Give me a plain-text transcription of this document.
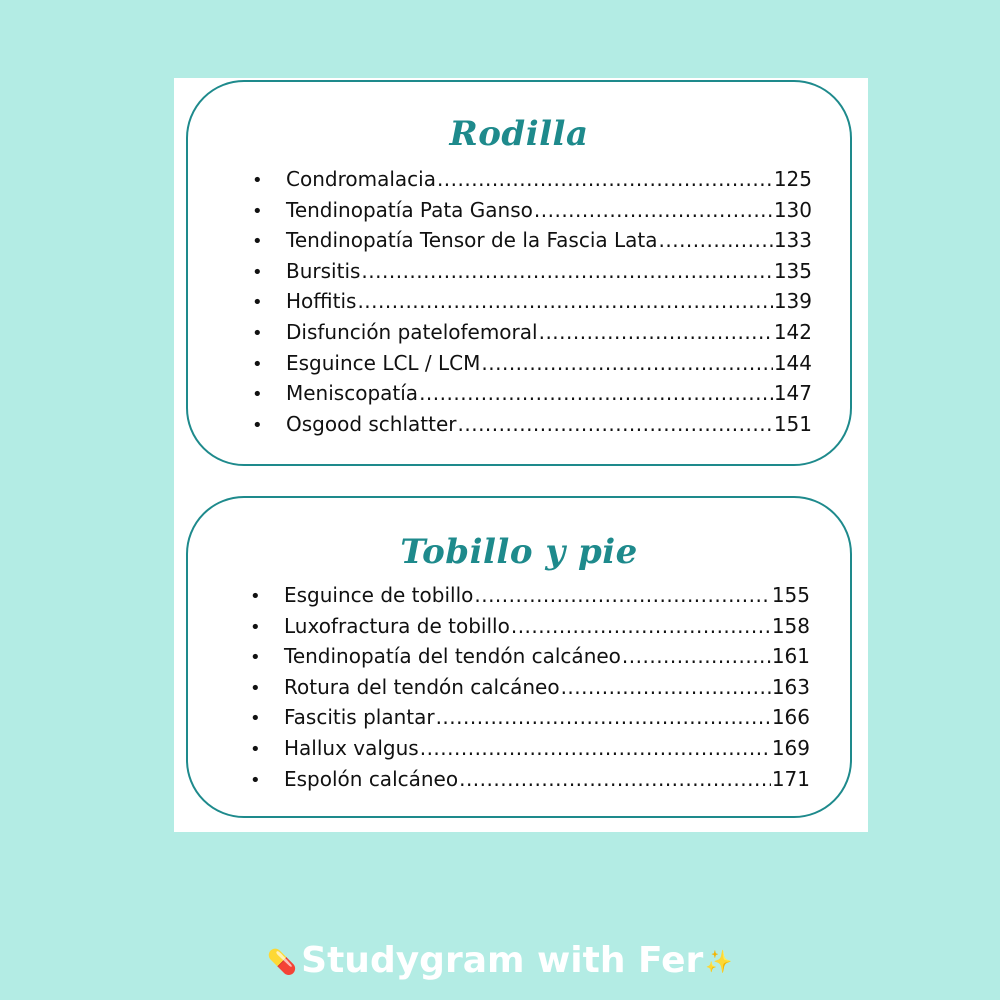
Rodilla
•	Condromalacia .....	125
•	Tendinopatía Pata Ganso .....	130
•	Tendinopatía Tensor de la Fascia Lata .....	133
•	Bursitis .....	135
•	Hoffitis .....	139
•	Disfunción patelofemoral .....	142
•	Esguince LCL / LCM .....	144
•	Meniscopatía .....	147
•	Osgood schlatter .....	151
Tobillo y pie
•	Esguince de tobillo .....	155
•	Luxofractura de tobillo .....	158
•	Tendinopatía del tendón calcáneo .....	161
•	Rotura del tendón calcáneo .....	163
•	Fascitis plantar .....	166
•	Hallux valgus .....	169
•	Espolón calcáneo .....	171
💊 Studygram with Fer✨
